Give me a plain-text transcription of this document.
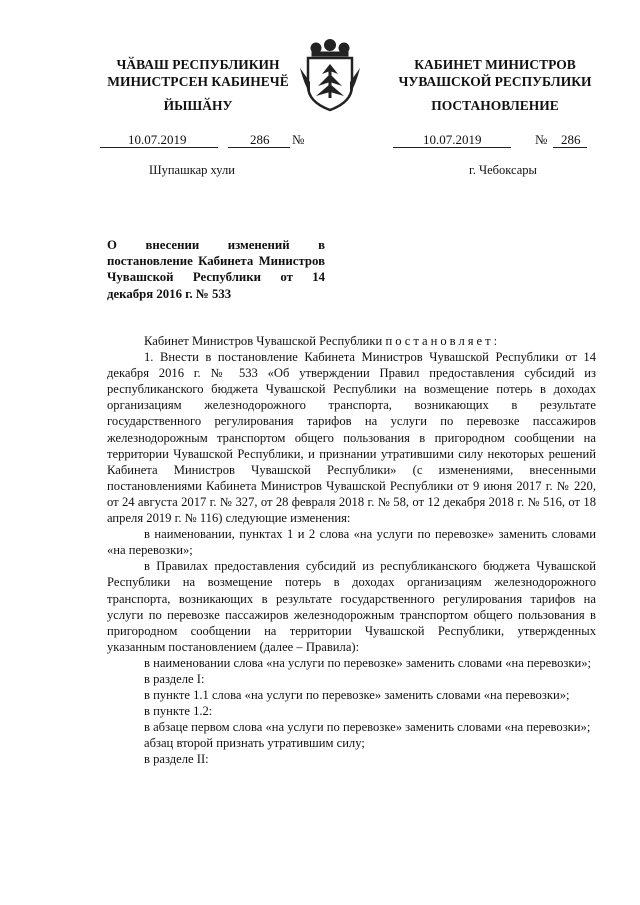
ЧӐВАШ РЕСПУБЛИКИН
МИНИСТРСЕН КАБИНЕЧӖ
ЙЫШӐНУ
КАБИНЕТ МИНИСТРОВ
ЧУВАШСКОЙ РЕСПУБЛИКИ
ПОСТАНОВЛЕНИЕ
10.07.2019	286 №	10.07.2019	№ 286
Шупашкар хули	г. Чебоксары
О внесении изменений в постановление Кабинета Министров Чувашской Республики от 14 декабря 2016 г. № 533

Кабинет Министров Чувашской Республики постановляет:

1. Внести в постановление Кабинета Министров Чувашской Республики от 14 декабря 2016 г. № 533 «Об утверждении Правил предоставления субсидий из республиканского бюджета Чувашской Республики на возмещение потерь в доходах организациям железнодорожного транспорта, возникающих в результате государственного регулирования тарифов на услуги по перевозке пассажиров железнодорожным транспортом общего пользования в пригородном сообщении на территории Чувашской Республики, и признании утратившими силу некоторых решений Кабинета Министров Чувашской Республики» (с изменениями, внесенными постановлениями Кабинета Министров Чувашской Республики от 9 июня 2017 г. № 220, от 24 августа 2017 г. № 327, от 28 февраля 2018 г. № 58, от 12 декабря 2018 г. № 516, от 18 апреля 2019 г. № 116) следующие изменения:

в наименовании, пунктах 1 и 2 слова «на услуги по перевозке» заменить словами «на перевозки»;

в Правилах предоставления субсидий из республиканского бюджета Чувашской Республики на возмещение потерь в доходах организациям железнодорожного транспорта, возникающих в результате государственного регулирования тарифов на услуги по перевозке пассажиров железнодорожным транспортом общего пользования в пригородном сообщении на территории Чувашской Республики, утвержденных указанным постановлением (далее – Правила):

в наименовании слова «на услуги по перевозке» заменить словами «на перевозки»;

в разделе I:

в пункте 1.1 слова «на услуги по перевозке» заменить словами «на перевозки»;

в пункте 1.2:

в абзаце первом слова «на услуги по перевозке» заменить словами «на перевозки»;

абзац второй признать утратившим силу;

в разделе II:
